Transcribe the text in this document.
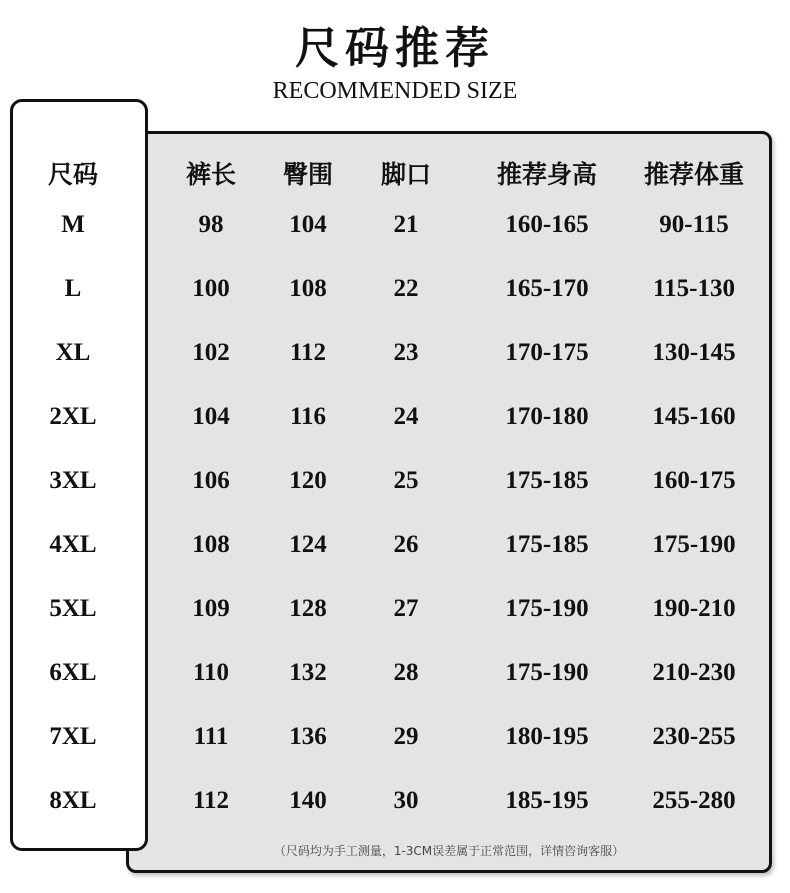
尺码推荐
RECOMMENDED SIZE
尺码	裤长 臀围 脚口	推荐身高 推荐体重
M	98	104	21	160-165	90-115
L	100 108	22	165-170	115-130
XL	102 112	23	170-175	130-145
2XL	104 116	24	170-180	145-160
3XL	106 120	25	175-185	160-175
4XL	108 124	26	175-185	175-190
5XL	109 128	27	175-190	190-210
6XL	110 132	28	175-190	210-230
7XL	111 136	29	180-195	230-255
8XL	112 140	30	185-195	255-280
（尺码均为手工测量，1-3CM误差属于正常范围，详情咨询客服）
